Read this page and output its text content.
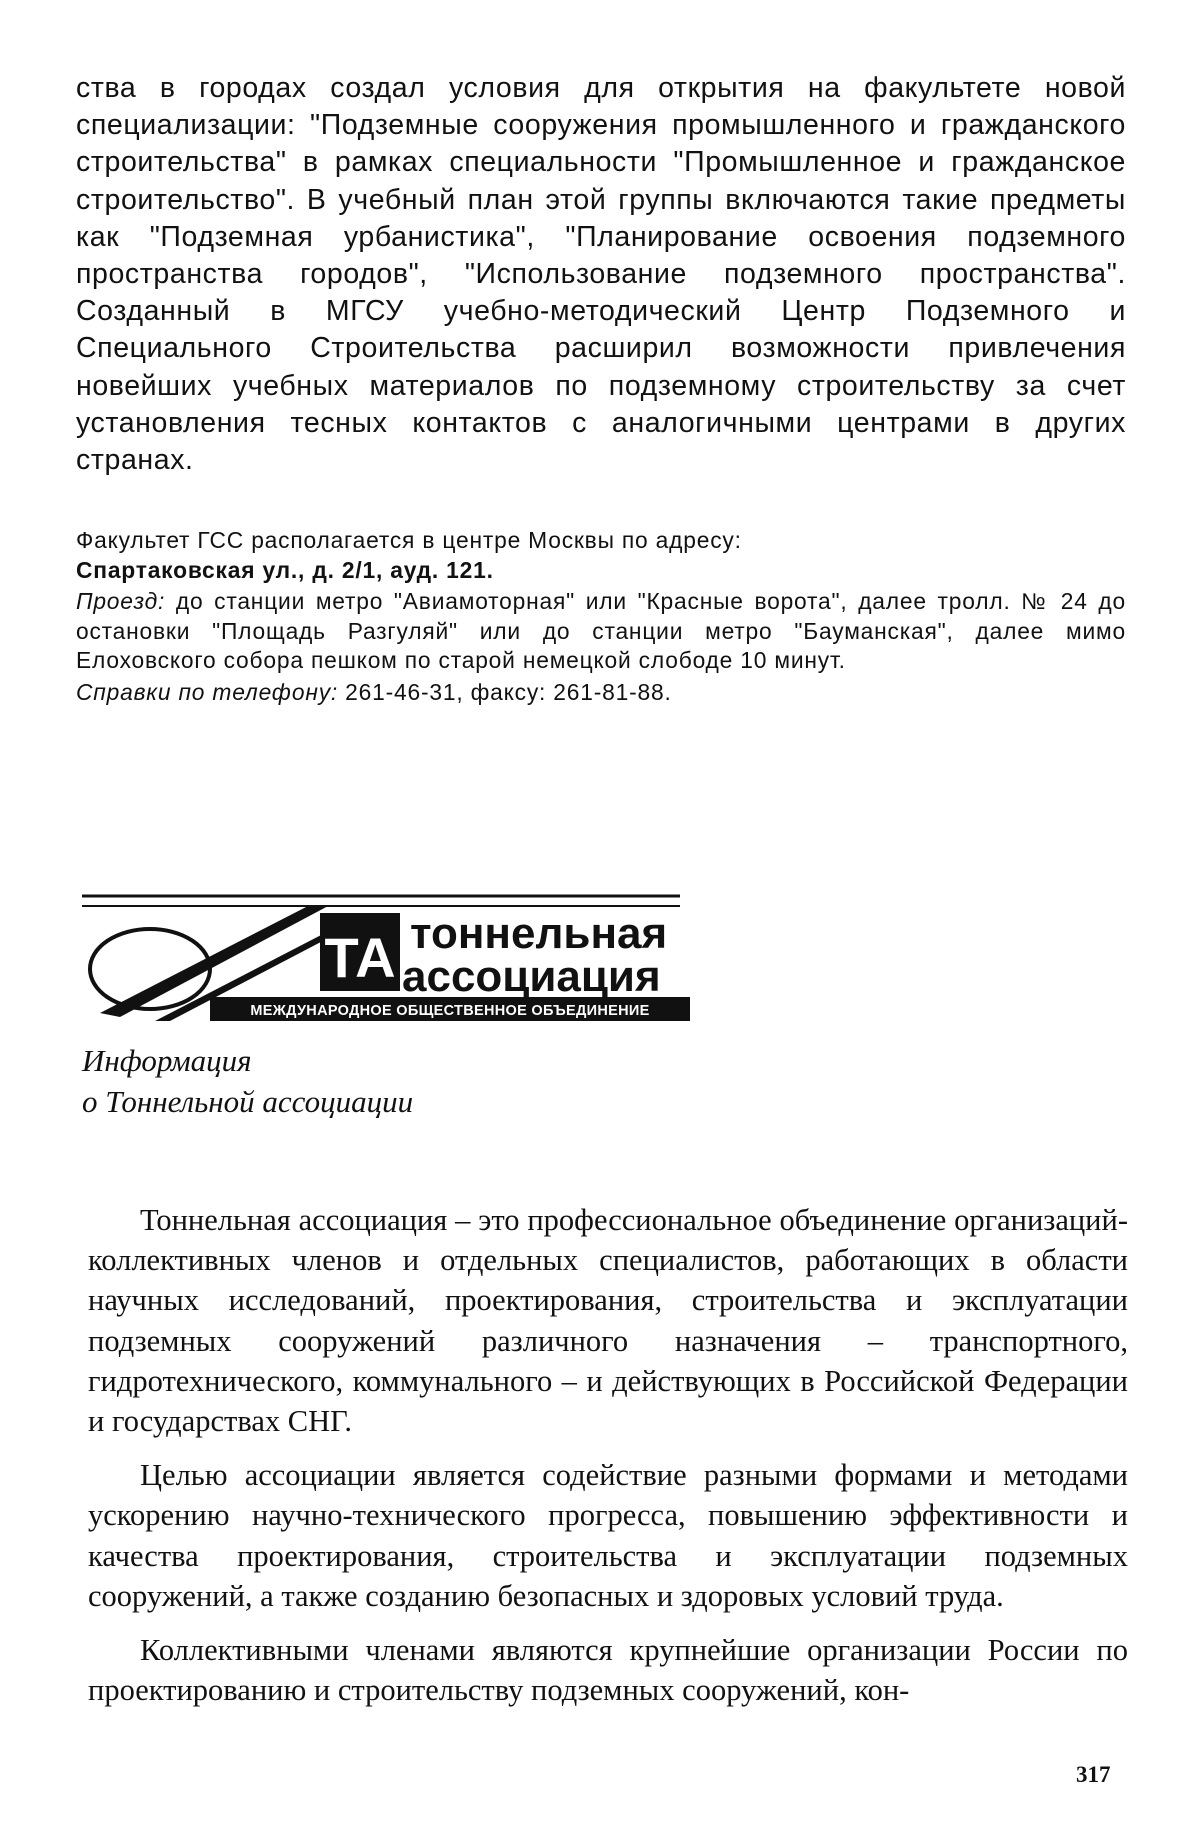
ства в городах создал условия для открытия на факультете новой специализации: "Подземные сооружения промышленного и гражданского строительства" в рамках специальности "Промышленное и гражданское строительство". В учебный план этой группы включаются такие предметы как "Подземная урбанистика", "Планирование освоения подземного пространства городов", "Использование подземного пространства". Созданный в МГСУ учебно-методический Центр Подземного и Специального Строительства расширил возможности привлечения новейших учебных материалов по подземному строительству за счет установления тесных контактов с аналогичными центрами в других странах.

Факультет ГСС располагается в центре Москвы по адресу:

Спартаковская ул., д. 2/1, ауд. 121.

Проезд: до станции метро "Авиамоторная" или "Красные ворота", далее тролл. № 24 до остановки "Площадь Разгуляй" или до станции метро "Бауманская", далее мимо Елоховского собора пешком по старой немецкой слободе 10 минут.

Справки по телефону: 261-46-31, факсу: 261-81-88.

МЕЖДУНАРОДНОЕ ОБЩЕСТВЕННОЕ ОБЪЕДИНЕНИЕ
ТА тоннельная
ассоциация
Информация
о Тоннельной ассоциации

Тоннельная ассоциация – это профессиональное объединение организаций-коллективных членов и отдельных специалистов, работающих в области научных исследований, проектирования, строительства и эксплуатации подземных сооружений различного назначения – транспортного, гидротехнического, коммунального – и действующих в Российской Федерации и государствах СНГ.

Целью ассоциации является содействие разными формами и методами ускорению научно-технического прогресса, повышению эффективности и качества проектирования, строительства и эксплуатации подземных сооружений, а также созданию безопасных и здоровых условий труда.

Коллективными членами являются крупнейшие организации России по проектированию и строительству подземных сооружений, кон-

317
